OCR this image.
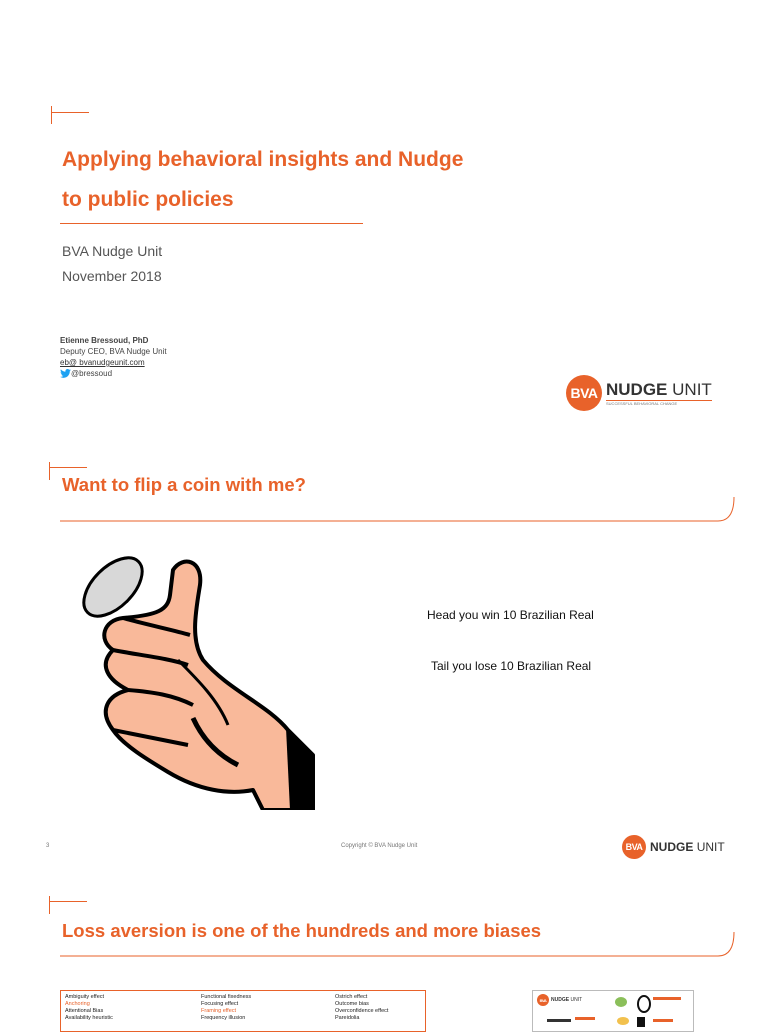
Applying behavioral insights and Nudge
to public policies
BVA Nudge Unit
November 2018
Etienne Bressoud, PhD
Deputy CEO, BVA Nudge Unit
eb@ bvanudgeunit.com
@bressoud
BVA NUDGE UNIT
SUCCESSFUL BEHAVIORAL CHANGE
Want to flip a coin with me?
Head you win 10 Brazilian Real
Tail you lose 10 Brazilian Real
3	Copyright © BVA Nudge Unit	BVA NUDGE UNIT
Loss aversion is one of the hundreds and more biases
Ambiguity effect
Anchoring
Attentional Bias
Availability heuristic
Functional fixedness
Focusing effect
Framing effect
Frequency illusion
Ostrich effect
Outcome bias
Overconfidence effect
Pareidolia
BVA NUDGE UNIT
